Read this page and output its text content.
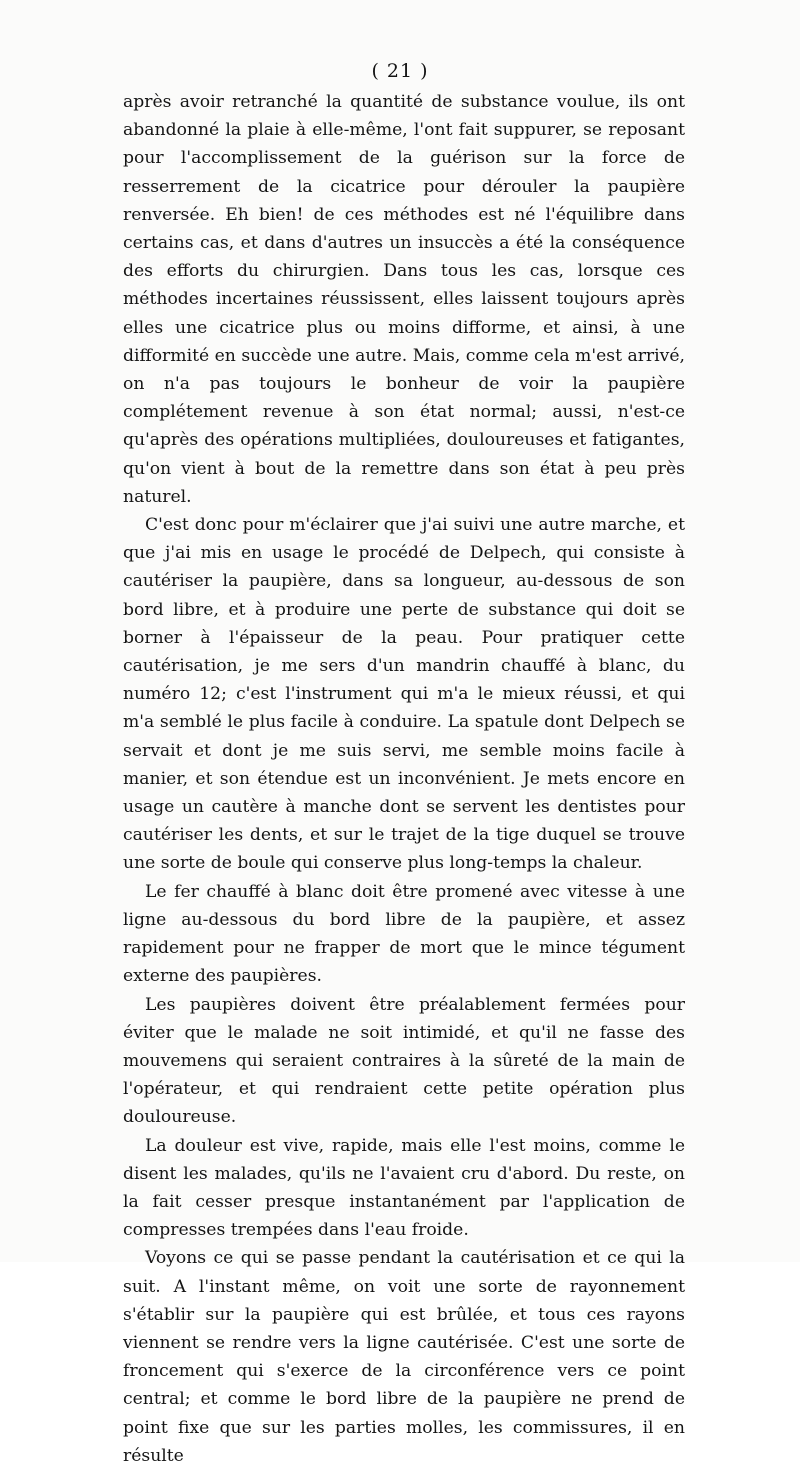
( 21 )

après avoir retranché la quantité de substance voulue, ils ont abandonné la plaie à elle-même, l'ont fait suppurer, se reposant pour l'accomplissement de la guérison sur la force de resserrement de la cicatrice pour dérouler la paupière renversée. Eh bien! de ces méthodes est né l'équilibre dans certains cas, et dans d'autres un insuccès a été la conséquence des efforts du chirurgien. Dans tous les cas, lorsque ces méthodes incertaines réussissent, elles laissent toujours après elles une cicatrice plus ou moins difforme, et ainsi, à une difformité en succède une autre. Mais, comme cela m'est arrivé, on n'a pas toujours le bonheur de voir la paupière complétement revenue à son état normal; aussi, n'est-ce qu'après des opérations multipliées, douloureuses et fatigantes, qu'on vient à bout de la remettre dans son état à peu près naturel.

C'est donc pour m'éclairer que j'ai suivi une autre marche, et que j'ai mis en usage le procédé de Delpech, qui consiste à cautériser la paupière, dans sa longueur, au-dessous de son bord libre, et à produire une perte de substance qui doit se borner à l'épaisseur de la peau. Pour pratiquer cette cautérisation, je me sers d'un mandrin chauffé à blanc, du numéro 12; c'est l'instrument qui m'a le mieux réussi, et qui m'a semblé le plus facile à conduire. La spatule dont Delpech se servait et dont je me suis servi, me semble moins facile à manier, et son étendue est un inconvénient. Je mets encore en usage un cautère à manche dont se servent les dentistes pour cautériser les dents, et sur le trajet de la tige duquel se trouve une sorte de boule qui conserve plus long-temps la chaleur.

Le fer chauffé à blanc doit être promené avec vitesse à une ligne au-dessous du bord libre de la paupière, et assez rapidement pour ne frapper de mort que le mince tégument externe des paupières.

Les paupières doivent être préalablement fermées pour éviter que le malade ne soit intimidé, et qu'il ne fasse des mouvemens qui seraient contraires à la sûreté de la main de l'opérateur, et qui rendraient cette petite opération plus douloureuse.

La douleur est vive, rapide, mais elle l'est moins, comme le disent les malades, qu'ils ne l'avaient cru d'abord. Du reste, on la fait cesser presque instantanément par l'application de compresses trempées dans l'eau froide.

Voyons ce qui se passe pendant la cautérisation et ce qui la suit. A l'instant même, on voit une sorte de rayonnement s'établir sur la paupière qui est brûlée, et tous ces rayons viennent se rendre vers la ligne cautérisée. C'est une sorte de froncement qui s'exerce de la circonférence vers ce point central; et comme le bord libre de la paupière ne prend de point fixe que sur les parties molles, les commissures, il en résulte
